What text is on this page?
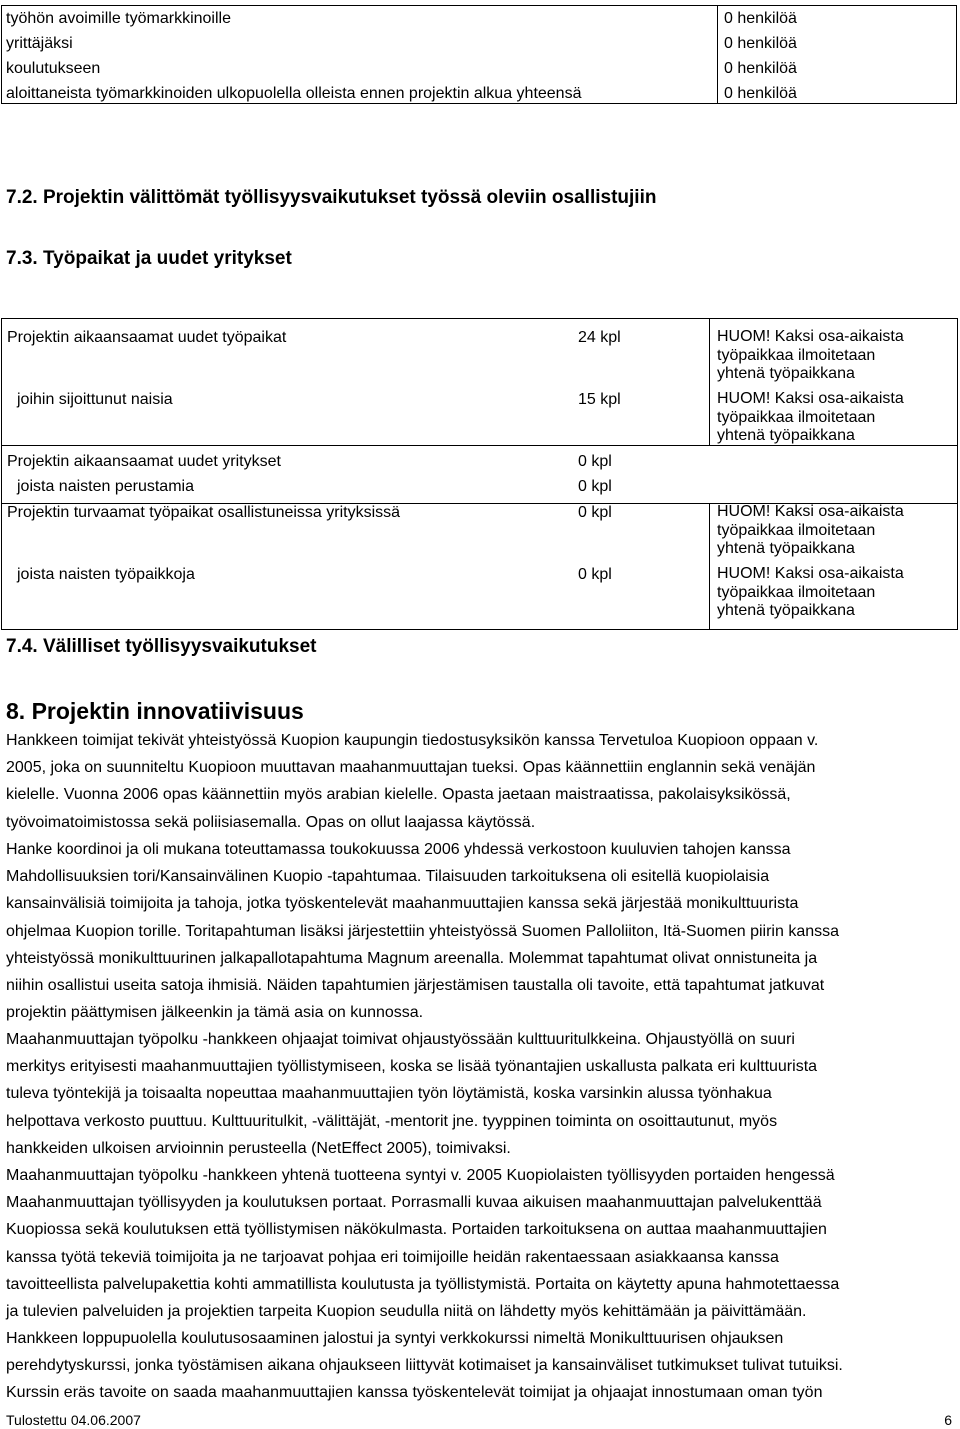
työhön avoimille työmarkkinoille	0 henkilöä
yrittäjäksi	0 henkilöä
koulutukseen	0 henkilöä
aloittaneista työmarkkinoiden ulkopuolella olleista ennen projektin alkua yhteensä	0 henkilöä
7.2. Projektin välittömät työllisyysvaikutukset työssä oleviin osallistujiin
7.3. Työpaikat ja uudet yritykset
Projektin aikaansaamat uudet työpaikat	24 kpl	HUOM! Kaksi osa-aikaista
työpaikkaa ilmoitetaan
yhtenä työpaikkana
joihin sijoittunut naisia	15 kpl	HUOM! Kaksi osa-aikaista
työpaikkaa ilmoitetaan
yhtenä työpaikkana
Projektin aikaansaamat uudet yritykset	0 kpl
joista naisten perustamia	0 kpl
Projektin turvaamat työpaikat osallistuneissa yrityksissä	0 kpl	HUOM! Kaksi osa-aikaista
työpaikkaa ilmoitetaan
yhtenä työpaikkana
joista naisten työpaikkoja	0 kpl	HUOM! Kaksi osa-aikaista
työpaikkaa ilmoitetaan
yhtenä työpaikkana
7.4. Välilliset työllisyysvaikutukset
8. Projektin innovatiivisuus
Hankkeen toimijat tekivät yhteistyössä Kuopion kaupungin tiedostusyksikön kanssa Tervetuloa Kuopioon oppaan v.
2005, joka on suunniteltu Kuopioon muuttavan maahanmuuttajan tueksi. Opas käännettiin englannin sekä venäjän
kielelle. Vuonna 2006 opas käännettiin myös arabian kielelle. Opasta jaetaan maistraatissa, pakolaisyksikössä,
työvoimatoimistossa sekä poliisiasemalla. Opas on ollut laajassa käytössä.
Hanke koordinoi ja oli mukana toteuttamassa toukokuussa 2006 yhdessä verkostoon kuuluvien tahojen kanssa
Mahdollisuuksien tori/Kansainvälinen Kuopio -tapahtumaa. Tilaisuuden tarkoituksena oli esitellä kuopiolaisia
kansainvälisiä toimijoita ja tahoja, jotka työskentelevät maahanmuuttajien kanssa sekä järjestää monikulttuurista
ohjelmaa Kuopion torille. Toritapahtuman lisäksi järjestettiin yhteistyössä Suomen Palloliiton, Itä-Suomen piirin kanssa
yhteistyössä monikulttuurinen jalkapallotapahtuma Magnum areenalla. Molemmat tapahtumat olivat onnistuneita ja
niihin osallistui useita satoja ihmisiä. Näiden tapahtumien järjestämisen taustalla oli tavoite, että tapahtumat jatkuvat
projektin päättymisen jälkeenkin ja tämä asia on kunnossa.
Maahanmuuttajan työpolku -hankkeen ohjaajat toimivat ohjaustyössään kulttuuritulkkeina. Ohjaustyöllä on suuri
merkitys erityisesti maahanmuuttajien työllistymiseen, koska se lisää työnantajien uskallusta palkata eri kulttuurista
tuleva työntekijä ja toisaalta nopeuttaa maahanmuuttajien työn löytämistä, koska varsinkin alussa työnhakua
helpottava verkosto puuttuu. Kulttuuritulkit, -välittäjät, -mentorit jne. tyyppinen toiminta on osoittautunut, myös
hankkeiden ulkoisen arvioinnin perusteella (NetEffect 2005), toimivaksi.
Maahanmuuttajan työpolku -hankkeen yhtenä tuotteena syntyi v. 2005 Kuopiolaisten työllisyyden portaiden hengessä
Maahanmuuttajan työllisyyden ja koulutuksen portaat. Porrasmalli kuvaa aikuisen maahanmuuttajan palvelukenttää
Kuopiossa sekä koulutuksen että työllistymisen näkökulmasta. Portaiden tarkoituksena on auttaa maahanmuuttajien
kanssa työtä tekeviä toimijoita ja ne tarjoavat pohjaa eri toimijoille heidän rakentaessaan asiakkaansa kanssa
tavoitteellista palvelupakettia kohti ammatillista koulutusta ja työllistymistä. Portaita on käytetty apuna hahmotettaessa
ja tulevien palveluiden ja projektien tarpeita Kuopion seudulla niitä on lähdetty myös kehittämään ja päivittämään.
Hankkeen loppupuolella koulutusosaaminen jalostui ja syntyi verkkokurssi nimeltä Monikulttuurisen ohjauksen
perehdytyskurssi, jonka työstämisen aikana ohjaukseen liittyvät kotimaiset ja kansainväliset tutkimukset tulivat tutuiksi.
Kurssin eräs tavoite on saada maahanmuuttajien kanssa työskentelevät toimijat ja ohjaajat innostumaan oman työn
Tulostettu 04.06.2007	6
